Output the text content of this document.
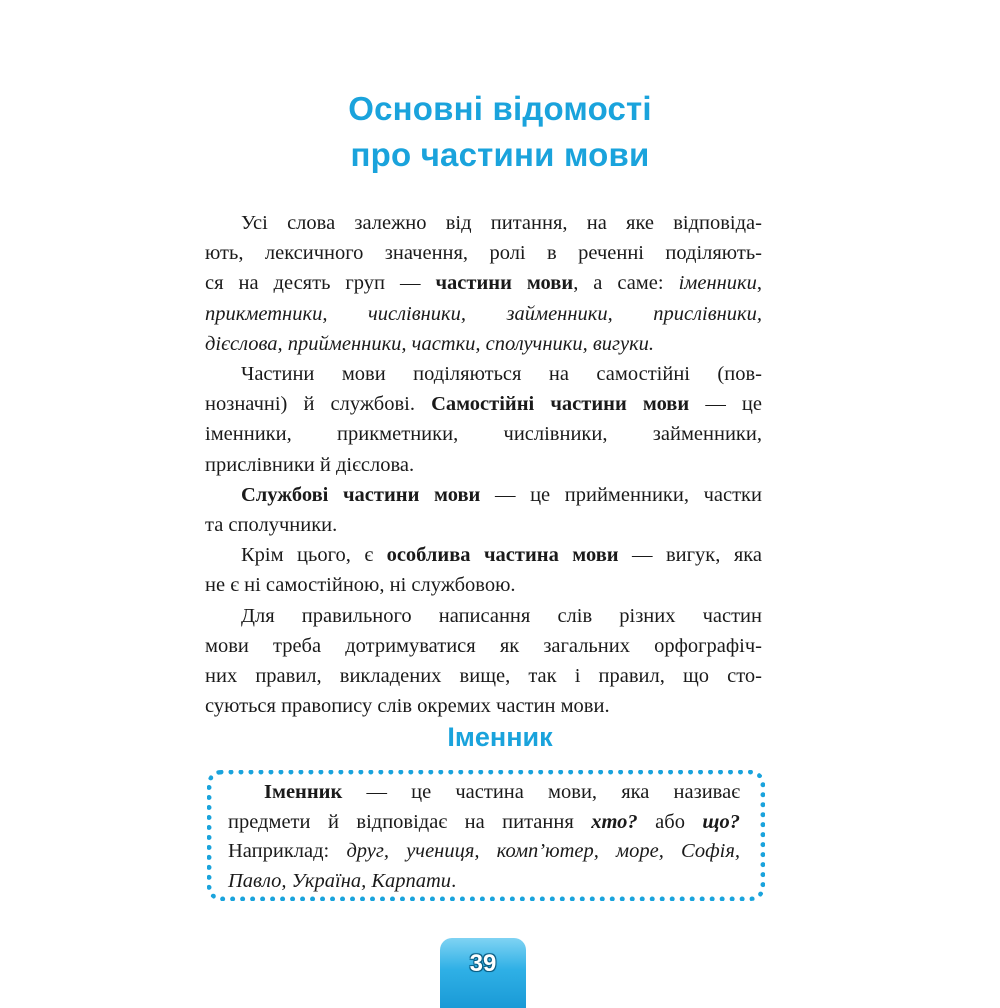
Основні відомості
про частини мови
Усі слова залежно від питання, на яке відповіда-
ють, лексичного значення, ролі в реченні поділяють-
ся на десять груп — частини мови, а саме: іменники,
прикметники, числівники, займенники, прислівники,
дієслова, прийменники, частки, сполучники, вигуки.
Частини мови поділяються на самостійні (пов-
нозначні) й службові. Самостійні частини мови — це
іменники, прикметники, числівники, займенники,
прислівники й дієслова.
Службові частини мови — це прийменники, частки
та сполучники.
Крім цього, є особлива частина мови — вигук, яка
не є ні самостійною, ні службовою.
Для правильного написання слів різних частин
мови треба дотримуватися як загальних орфографіч-
них правил, викладених вище, так і правил, що сто-
суються правопису слів окремих частин мови.
Іменник
Іменник — це частина мови, яка називає
предмети й відповідає на питання хто? або що?
Наприклад: друг, учениця, комп’ютер, море, Софія,
Павло, Україна, Карпати.
39
